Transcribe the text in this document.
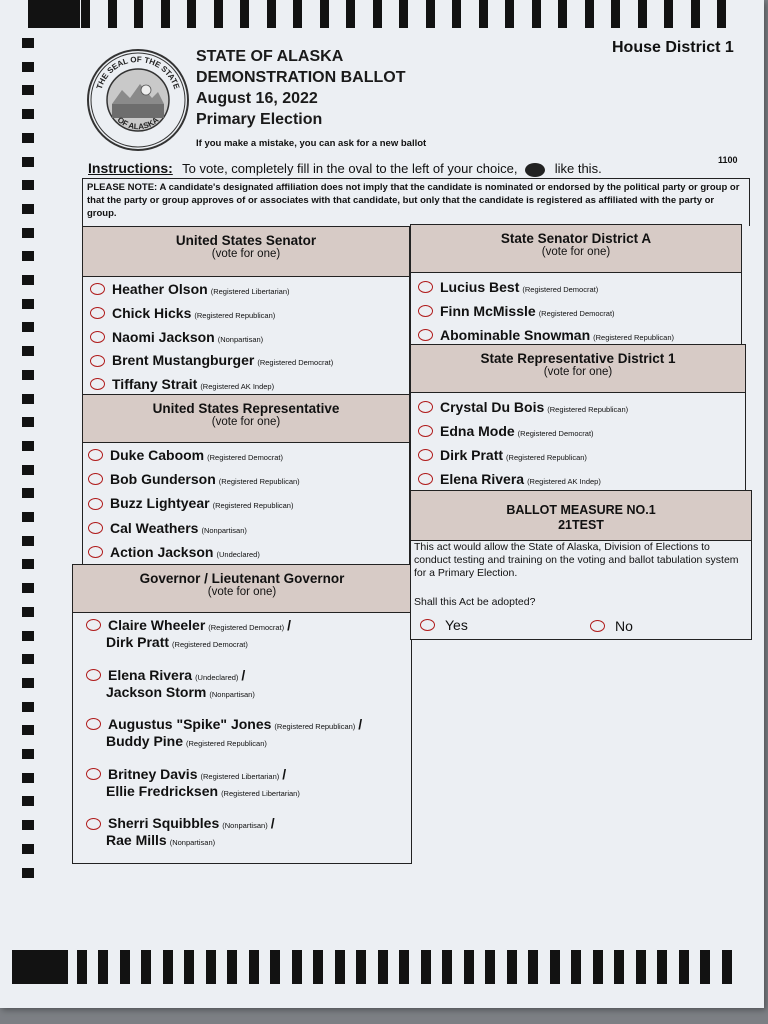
THE SEAL OF THE STATE
OF ALASKA
STATE OF ALASKA
DEMONSTRATION BALLOT
August 16, 2022
Primary Election
If you make a mistake, you can ask for a new ballot
House District 1
1100
Instructions: To vote, completely fill in the oval to the left of your choice,	like this.
PLEASE NOTE: A candidate's designated affiliation does not imply that the candidate is nominated or endorsed by the political party or group or that the party or group approves of or associates with that candidate, but only that the candidate is registered as affiliated with the party or group.
United States Senator
(vote for one)
Heather Olson (Registered Libertarian)
Chick Hicks (Registered Republican)
Naomi Jackson (Nonpartisan)
Brent Mustangburger (Registered Democrat)
Tiffany Strait (Registered AK Indep)
United States Representative
(vote for one)
Duke Caboom (Registered Democrat)
Bob Gunderson (Registered Republican)
Buzz Lightyear (Registered Republican)
Cal Weathers (Nonpartisan)
Action Jackson (Undeclared)
Governor / Lieutenant Governor
(vote for one)
Claire Wheeler (Registered Democrat) /
Dirk Pratt (Registered Democrat)
Elena Rivera (Undeclared) /
Jackson Storm (Nonpartisan)
Augustus "Spike" Jones (Registered Republican) /
Buddy Pine (Registered Republican)
Britney Davis (Registered Libertarian) /
Ellie Fredricksen (Registered Libertarian)
Sherri Squibbles (Nonpartisan) /
Rae Mills (Nonpartisan)
State Senator District A
(vote for one)
Lucius Best (Registered Democrat)
Finn McMissle (Registered Democrat)
Abominable Snowman (Registered Republican)
State Representative District 1
(vote for one)
Crystal Du Bois (Registered Republican)
Edna Mode (Registered Democrat)
Dirk Pratt (Registered Republican)
Elena Rivera (Registered AK Indep)
BALLOT MEASURE NO.1
21TEST
This act would allow the State of Alaska, Division of Elections to conduct testing and training on the voting and ballot tabulation system for a Primary Election.
Shall this Act be adopted?
Yes	No
